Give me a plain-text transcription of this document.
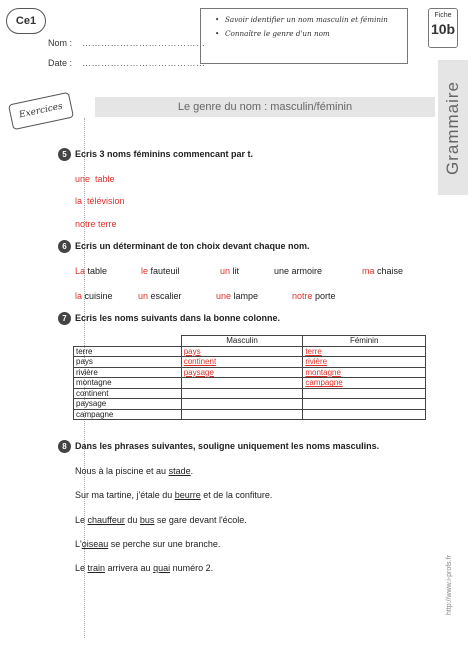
Ce1
Nom : …………………………………
Date : …………………………………
• Savoir identifier un nom masculin et féminin
• Connaître le genre d'un nom
Fiche
10b
Grammaire
Exercices	Le genre du nom : masculin/féminin
5 Ecris 3 noms féminins commencant par t.
une table
la télévision
notre terre
6 Ecris un déterminant de ton choix devant chaque nom.
La table	le fauteuil	un lit	une armoire	ma chaise
la cuisine	un escalier	une lampe	notre porte
7 Ecris les noms suivants dans la bonne colonne.
	Masculin	Féminin
terre	pays	terre
pays	continent	rivière
rivière	paysage	montagne
montagne		campagne
continent		
paysage		
campagne		
8 Dans les phrases suivantes, souligne uniquement les noms masculins.
Nous à la piscine et au stade.
Sur ma tartine, j'étale du beurre et de la confiture.
Le chauffeur du bus se gare devant l'école.
L'oiseau se perche sur une branche.
Le train arrivera au quai numéro 2.	http://www.i-profs.fr
